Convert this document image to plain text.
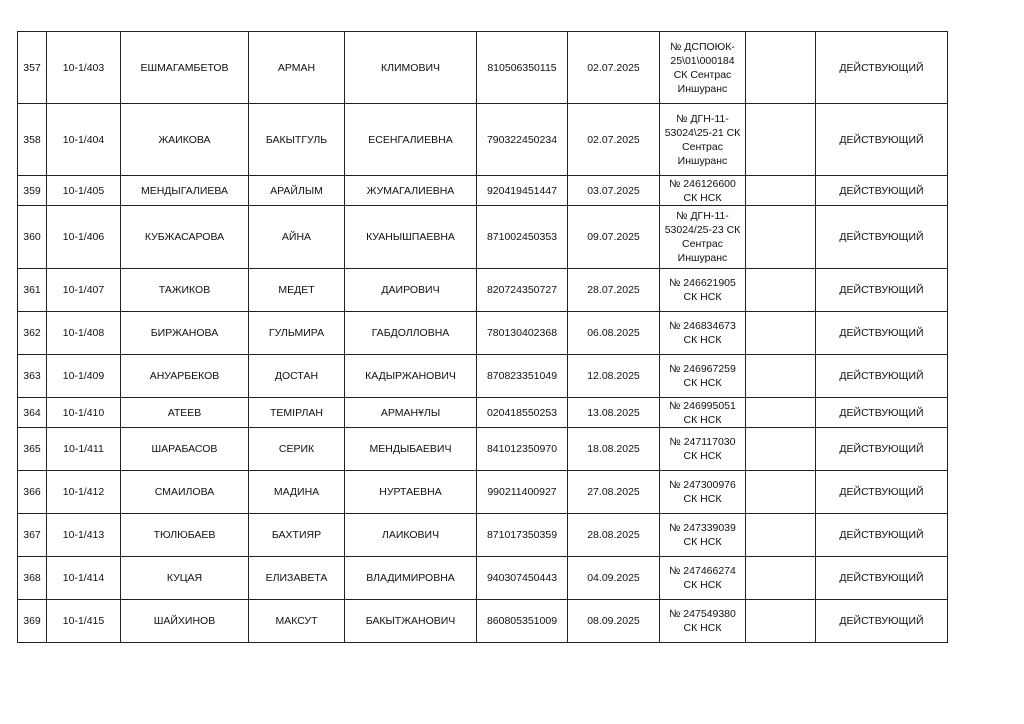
357	10-1/403	ЕШМАГАМБЕТОВ	АРМАН	КЛИМОВИЧ	810506350115	02.07.2025	№ ДСПОЮК-
25\01\000184
СК Сентрас
Иншуранс		ДЕЙСТВУЮЩИЙ
358	10-1/404	ЖАИКОВА	БАКЫТГУЛЬ	ЕСЕНГАЛИЕВНА	790322450234	02.07.2025	№ ДГН-11-
53024\25-21 СК
Сентрас
Иншуранс		ДЕЙСТВУЮЩИЙ
359	10-1/405	МЕНДЫГАЛИЕВА	АРАЙЛЫМ	ЖУМАГАЛИЕВНА	920419451447	03.07.2025	№ 246126600
СК НСК		ДЕЙСТВУЮЩИЙ
360	10-1/406	КУБЖАСАРОВА	АЙНА	КУАНЫШПАЕВНА	871002450353	09.07.2025	№ ДГН-11-
53024/25-23 СК
Сентрас
Иншуранс		ДЕЙСТВУЮЩИЙ
361	10-1/407	ТАЖИКОВ	МЕДЕТ	ДАИРОВИЧ	820724350727	28.07.2025	№ 246621905
СК НСК		ДЕЙСТВУЮЩИЙ
362	10-1/408	БИРЖАНОВА	ГУЛЬМИРА	ГАБДОЛЛОВНА	780130402368	06.08.2025	№ 246834673
СК НСК		ДЕЙСТВУЮЩИЙ
363	10-1/409	АНУАРБЕКОВ	ДОСТАН	КАДЫРЖАНОВИЧ	870823351049	12.08.2025	№ 246967259
СК НСК		ДЕЙСТВУЮЩИЙ
364	10-1/410	АТЕЕВ	ТЕМІРЛАН	АРМАНҰЛЫ	020418550253	13.08.2025	№ 246995051
СК НСК		ДЕЙСТВУЮЩИЙ
365	10-1/411	ШАРАБАСОВ	СЕРИК	МЕНДЫБАЕВИЧ	841012350970	18.08.2025	№ 247117030
СК НСК		ДЕЙСТВУЮЩИЙ
366	10-1/412	СМАИЛОВА	МАДИНА	НУРТАЕВНА	990211400927	27.08.2025	№ 247300976
СК НСК		ДЕЙСТВУЮЩИЙ
367	10-1/413	ТЮЛЮБАЕВ	БАХТИЯР	ЛАИКОВИЧ	871017350359	28.08.2025	№ 247339039
СК НСК		ДЕЙСТВУЮЩИЙ
368	10-1/414	КУЦАЯ	ЕЛИЗАВЕТА	ВЛАДИМИРОВНА	940307450443	04.09.2025	№ 247466274
СК НСК		ДЕЙСТВУЮЩИЙ
369	10-1/415	ШАЙХИНОВ	МАКСУТ	БАКЫТЖАНОВИЧ	860805351009	08.09.2025	№ 247549380
СК НСК		ДЕЙСТВУЮЩИЙ
